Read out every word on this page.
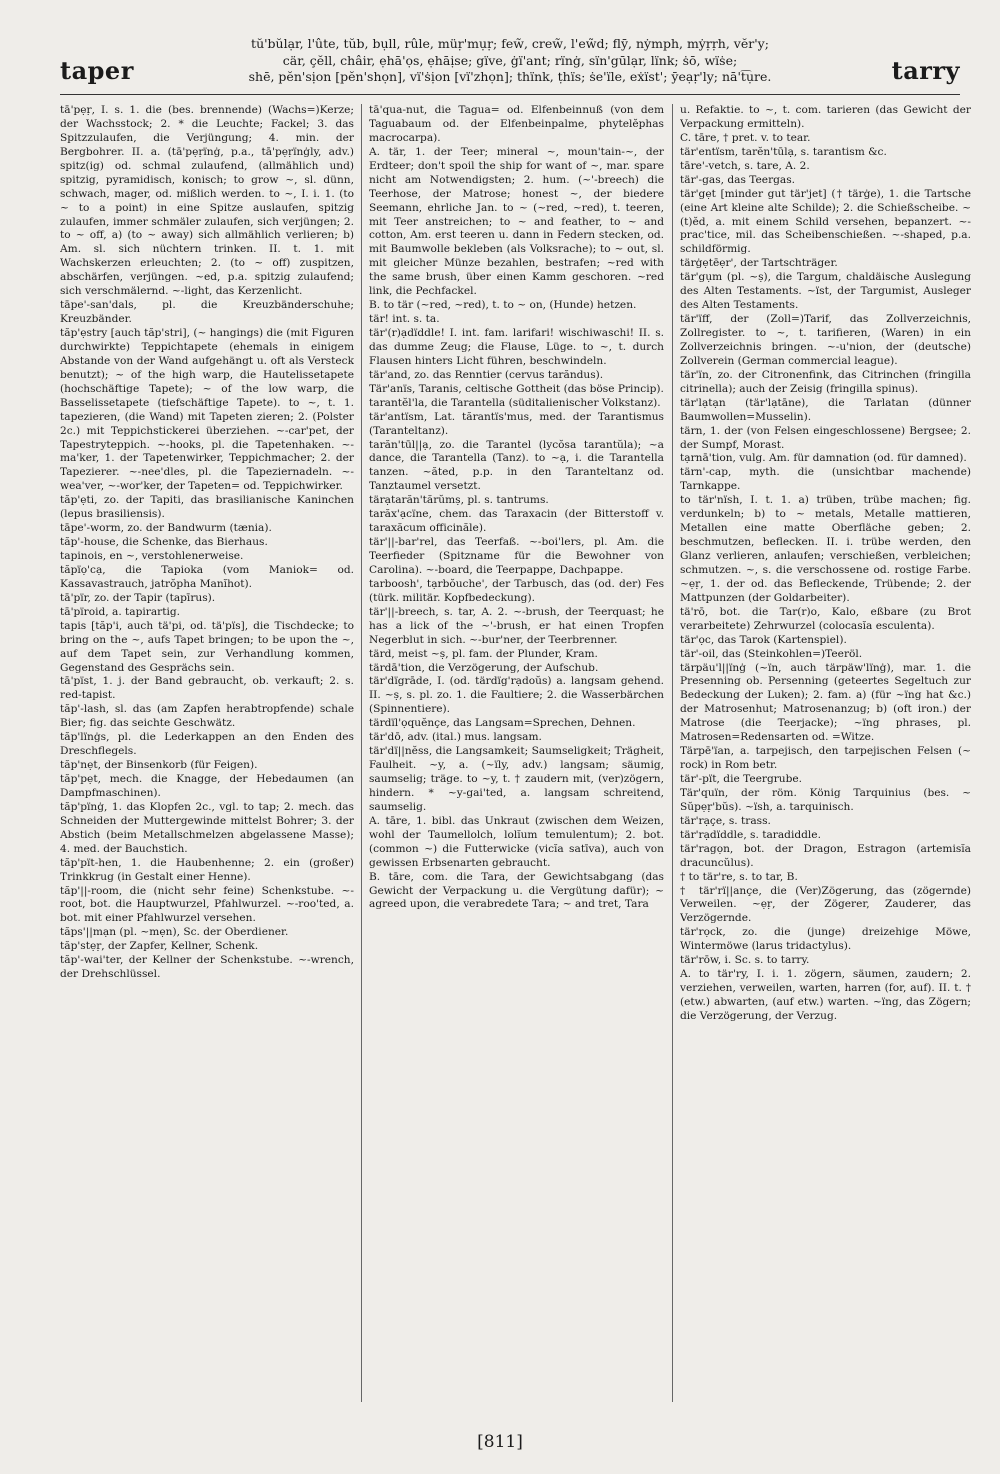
taper
tŭ'bŭlạr, l'ûte, tŭb, bụll, rûle, müṛ'mụṛ; few̃, crew̃, l'ew̃d; flȳ, nẏmph, mẏṛṛh, vĕr'y;
cär, çĕll, châir, ẹhā'ọs, ẹhāịse; gïve, ġï'ant; rïnġ, sïn'gūlạr, lïnk; ṡō, wïṡe;
shē, pĕn'sịon [pĕn'shọn], vï'ṡịon [vï'zhọn]; thïnk, ṭhïs; ṡe'ïle, eẋïst'; ȳeạṛ'ly; nā't͡ụre.	tarry

tā'pẹṛ, I. s. 1. die (bes. brennende) (Wachs=)Kerze; der Wachsstock; 2. * die Leuchte; Fackel; 3. das Spitzzulaufen, die Verjüngung; 4. min. der Bergbohrer. II. a. (tā'pẹṛïnġ, p.a., tā'pẹṛïnġly, adv.) spitz(ig) od. schmal zulaufend, (allmählich und) spitzig, pyramidisch, konisch; to grow ~, sl. dünn, schwach, mager, od. mißlich werden. to ~, I. i. 1. (to ~ to a point) in eine Spitze auslaufen, spitzig zulaufen, immer schmäler zulaufen, sich verjüngen; 2. to ~ off, a) (to ~ away) sich allmählich verlieren; b) Am. sl. sich nüchtern trinken. II. t. 1. mit Wachskerzen erleuchten; 2. (to ~ off) zuspitzen, abschärfen, verjüngen. ~ed, p.a. spitzig zulaufend; sich verschmälernd. ~-light, das Kerzenlicht.

tāpe'-san'dals, pl. die Kreuzbänderschuhe; Kreuzbänder.

tăp'ẹstry [auch tăp'stri], (~ hangings) die (mit Figuren durchwirkte) Teppichtapete (ehemals in einigem Abstande von der Wand aufgehängt u. oft als Versteck benutzt); ~ of the high warp, die Hautelissetapete (hochschäftige Tapete); ~ of the low warp, die Basselissetapete (tiefschäftige Tapete). to ~, t. 1. tapezieren, (die Wand) mit Tapeten zieren; 2. (Polster 2c.) mit Teppichstickerei überziehen. ~-car'pet, der Tapestryteppich. ~-hooks, pl. die Tapetenhaken. ~-ma'ker, 1. der Tapetenwirker, Teppichmacher; 2. der Tapezierer. ~-nee'dles, pl. die Tapeziernadeln. ~-wea'ver, ~-wor'ker, der Tapeten= od. Teppichwirker.

tăp'ẹti, zo. der Tapiti, das brasilianische Kaninchen (lepus brasiliensis).

tāpe'-worm, zo. der Bandwurm (tænia).

tăp'-house, die Schenke, das Bierhaus.

tapinois, en ~, verstohlenerweise.

tăpïọ'cạ, die Tapioka (vom Maniok= od. Kassavastrauch, jatrŏpha Manĭhot).

tā'pïr, zo. der Tapir (tapīrus).

tā'pïroid, a. tapirartig.

tapis [tăp'i, auch tä'pi, od. tä'pïs], die Tischdecke; to bring on the ~, aufs Tapet bringen; to be upon the ~, auf dem Tapet sein, zur Verhandlung kommen, Gegenstand des Gesprächs sein.

tā'pïst, 1. j. der Band gebraucht, ob. verkauft; 2. s. red-tapist.

tăp'-lash, sl. das (am Zapfen herabtropfende) schale Bier; fig. das seichte Geschwätz.

tăp'lïnġs, pl. die Lederkappen an den Enden des Dreschflegels.

tăp'nẹt, der Binsenkorb (für Feigen).

tăp'pẹt, mech. die Knagge, der Hebedaumen (an Dampfmaschinen).

tăp'pïnġ, 1. das Klopfen 2c., vgl. to tap; 2. mech. das Schneiden der Muttergewinde mittelst Bohrer; 3. der Abstich (beim Metallschmelzen abgelassene Masse); 4. med. der Bauchstich.

tăp'pït-hen, 1. die Haubenhenne; 2. ein (großer) Trinkkrug (in Gestalt einer Henne).

tăp'||-room, die (nicht sehr feine) Schenkstube. ~-root, bot. die Hauptwurzel, Pfahlwurzel. ~-roo'ted, a. bot. mit einer Pfahlwurzel versehen.

tăps'||mạn (pl. ~mẹn), Sc. der Oberdiener.

tăp'stẹṛ, der Zapfer, Kellner, Schenk.

tăp'-wai'ter, der Kellner der Schenkstube. ~-wrench, der Drehschlüssel.

tā'qua-nut, die Tagua= od. Elfenbeinnuß (von dem Taguabaum od. der Elfenbeinpalme, phytelĕphas macrocarpa).

A. tär, 1. der Teer; mineral ~, moun'tain-~, der Erdteer; don't spoil the ship for want of ~, mar. spare nicht am Notwendigsten; 2. hum. (~'-breech) die Teerhose, der Matrose; honest ~, der biedere Seemann, ehrliche Jan. to ~ (~red, ~red), t. teeren, mit Teer anstreichen; to ~ and feather, to ~ and cotton, Am. erst teeren u. dann in Federn stecken, od. mit Baumwolle bekleben (als Volksrache); to ~ out, sl. mit gleicher Münze bezahlen, bestrafen; ~red with the same brush, über einen Kamm geschoren. ~red link, die Pechfackel.

B. to tär (~red, ~red), t. to ~ on, (Hunde) hetzen.

tär! int. s. ta.

tär'(r)ạdïddle! I. int. fam. larifari! wischiwaschi! II. s. das dumme Zeug; die Flause, Lüge. to ~, t. durch Flausen hinters Licht führen, beschwindeln.

tär'and, zo. das Renntier (cervus tarăndus).

Tär'anïs, Taranis, celtische Gottheit (das böse Princip).

tarantĕl'la, die Tarantella (süditalienischer Volkstanz).

tär'antïsm, Lat. tărantïs'mus, med. der Tarantismus (Taranteltanz).

tarăn'tūl||ạ, zo. die Tarantel (lycŏsa tarantŭla); ~a dance, die Tarantella (Tanz). to ~ạ, i. die Tarantella tanzen. ~ăted, p.p. in den Taranteltanz od. Tanztaumel versetzt.

tärạtarăn'tărŭmṣ, pl. s. tantrums.

tarăx'ạcïne, chem. das Taraxacin (der Bitterstoff v. taraxăcum officinăle).

tär'||-bar'rel, das Teerfaß. ~-boi'lers, pl. Am. die Teerfieder (Spitzname für die Bewohner von Carolina). ~-board, die Teerpappe, Dachpappe.

tarboosh', tạrbŏuche', der Tarbusch, das (od. der) Fes (türk. militär. Kopfbedeckung).

tär'||-breech, s. tar, A. 2. ~-brush, der Teerquast; he has a lick of the ~'-brush, er hat einen Tropfen Negerblut in sich. ~-bur'ner, der Teerbrenner.

tärd, meist ~ṣ, pl. fam. der Plunder, Kram.

tärdā'tion, die Verzögerung, der Aufschub.

tär'dïgrāde, I. (od. tärdïg'rạdoŭs) a. langsam gehend. II. ~ṣ, s. pl. zo. 1. die Faultiere; 2. die Wasserbärchen (Spinnentiere).

tärdïl'ọquĕnçe, das Langsam=Sprechen, Dehnen.

tär'dō, adv. (ital.) mus. langsam.

tär'dï||nĕss, die Langsamkeit; Saumseligkeit; Trägheit, Faulheit. ~y, a. (~ïly, adv.) langsam; säumig, saumselig; träge. to ~y, t. † zaudern mit, (ver)zögern, hindern. * ~y-gai'ted, a. langsam schreitend, saumselig.

A. tāre, 1. bibl. das Unkraut (zwischen dem Weizen, wohl der Taumellolch, lolĭum temulentum); 2. bot. (common ~) die Futterwicke (vicĭa satīva), auch von gewissen Erbsenarten gebraucht.

B. tāre, com. die Tara, der Gewichtsabgang (das Gewicht der Verpackung u. die Vergütung dafür); ~ agreed upon, die verabredete Tara; ~ and tret, Tara

u. Refaktie. to ~, t. com. tarieren (das Gewicht der Verpackung ermitteln).

C. tāre, † pret. v. to tear.

tär'entïsm, tarĕn'tūlạ, s. tarantism &c.

tāre'-vetch, s. tare, A. 2.

tär'-gas, das Teergas.

tär'gẹt [minder gut tär'jet] († tärġe), 1. die Tartsche (eine Art kleine alte Schilde); 2. die Schießscheibe. ~(t)ĕd, a. mit einem Schild versehen, bepanzert. ~-prac'tice, mil. das Scheibenschießen. ~-shaped, p.a. schildförmig.

tärġẹtēẹr', der Tartschträger.

tär'gụm (pl. ~ṣ), die Targum, chaldäische Auslegung des Alten Testaments. ~ïst, der Targumist, Ausleger des Alten Testaments.

tär'ïff, der (Zoll=)Tarif, das Zollverzeichnis, Zollregister. to ~, t. tarifieren, (Waren) in ein Zollverzeichnis bringen. ~-u'nion, der (deutsche) Zollverein (German commercial league).

tär'ïn, zo. der Citronenfink, das Citrinchen (fringilla citrinella); auch der Zeisig (fringilla spinus).

tär'lạtạn (tär'lạtāne), die Tarlatan (dünner Baumwollen=Musselin).

tärn, 1. der (von Felsen eingeschlossene) Bergsee; 2. der Sumpf, Morast.

tạrnā'tion, vulg. Am. für damnation (od. für damned).

tärn'-cap, myth. die (unsichtbar machende) Tarnkappe.

to tär'nïsh, I. t. 1. a) trüben, trübe machen; fig. verdunkeln; b) to ~ metals, Metalle mattieren, Metallen eine matte Oberfläche geben; 2. beschmutzen, beflecken. II. i. trübe werden, den Glanz verlieren, anlaufen; verschießen, verbleichen; schmutzen. ~, s. die verschossene od. rostige Farbe. ~ẹṛ, 1. der od. das Befleckende, Trübende; 2. der Mattpunzen (der Goldarbeiter).

tä'rō, bot. die Tar(r)o, Kalo, eßbare (zu Brot verarbeitete) Zehrwurzel (colocasĭa esculenta).

tär'ọc, das Tarok (Kartenspiel).

tär'-oil, das (Steinkohlen=)Teeröl.

tärpäu'l||ïnġ (~ïn, auch tärpäw'lïnġ), mar. 1. die Presenning ob. Persenning (geteertes Segeltuch zur Bedeckung der Luken); 2. fam. a) (für ~ïng hat &c.) der Matrosenhut; Matrosenanzug; b) (oft iron.) der Matrose (die Teerjacke); ~ïng phrases, pl. Matrosen=Redensarten od. =Witze.

Tärpē'ïan, a. tarpejisch, den tarpejischen Felsen (~ rock) in Rom betr.

tär'-pït, die Teergrube.

Tär'quïn, der röm. König Tarquinius (bes. ~ Sŭpẹṛ'bŭs). ~ïsh, a. tarquinisch.

tär'rạçe, s. trass.

tär'rạdïddle, s. taradiddle.

tär'ragọn, bot. der Dragon, Estragon (artemisĭa dracuncŭlus).

† to tär're, s. to tar, B.

† tär'rï||ançe, die (Ver)Zögerung, das (zögernde) Verweilen. ~ẹṛ, der Zögerer, Zauderer, das Verzögernde.

tär'rọck, zo. die (junge) dreizehige Möwe, Wintermöwe (larus tridactylus).

tär'rōw, i. Sc. s. to tarry.

A. to tär'ry, I. i. 1. zögern, säumen, zaudern; 2. verziehen, verweilen, warten, harren (for, auf). II. t. † (etw.) abwarten, (auf etw.) warten. ~ïng, das Zögern; die Verzögerung, der Verzug.

[811]
